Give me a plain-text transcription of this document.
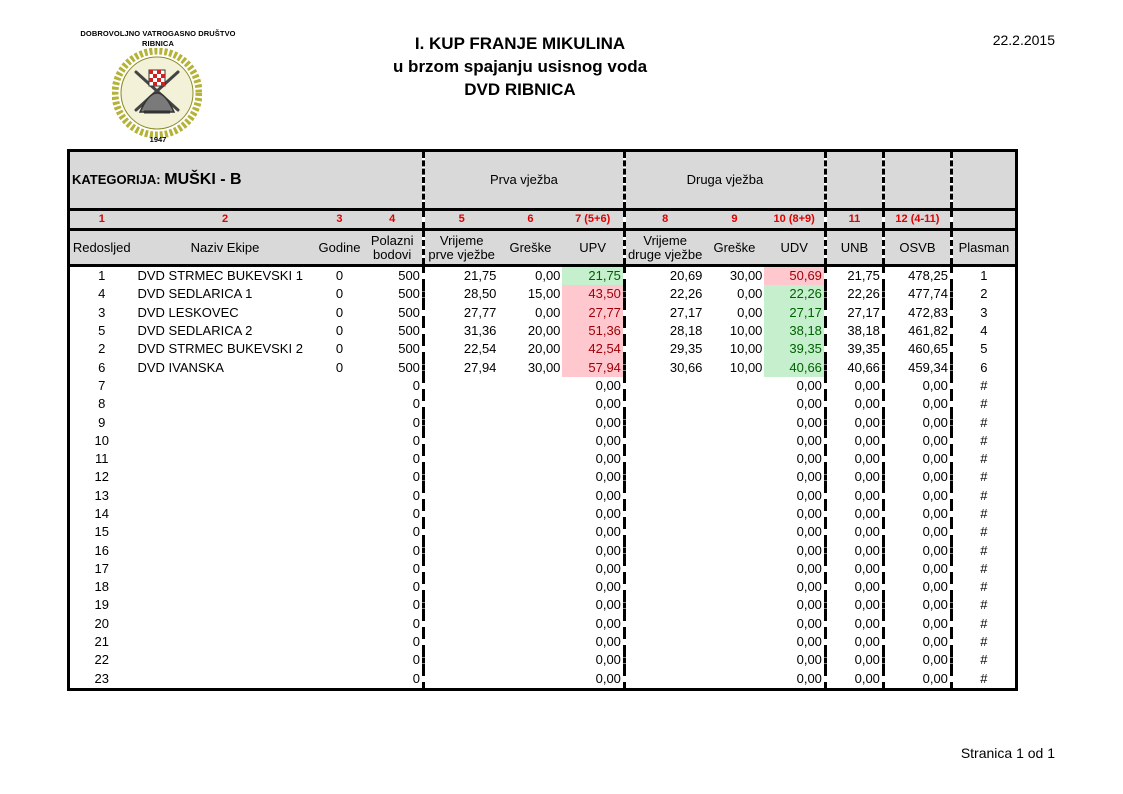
DOBROVOLJNO VATROGASNO DRUŠTVO
RIBNICA
1947
I. KUP FRANJE MIKULINA
u brzom spajanju usisnog voda
DVD RIBNICA
22.2.2015
KATEGORIJA: MUŠKI - B				Prva vježba			Druga vježba					
1	2	3	4	5	6	7 (5+6)	8	9	10 (8+9)	11	12 (4-11)	
Redosljed	Naziv Ekipe	Godine	Polazni bodovi	Vrijeme prve vježbe	Greške	UPV	Vrijeme druge vježbe	Greške	UDV	UNB	OSVB	Plasman
1	DVD STRMEC BUKEVSKI 1	0	500	21,75	0,00	21,75	20,69	30,00	50,69	21,75	478,25	1
4	DVD SEDLARICA 1	0	500	28,50	15,00	43,50	22,26	0,00	22,26	22,26	477,74	2
3	DVD LESKOVEC	0	500	27,77	0,00	27,77	27,17	0,00	27,17	27,17	472,83	3
5	DVD SEDLARICA 2	0	500	31,36	20,00	51,36	28,18	10,00	38,18	38,18	461,82	4
2	DVD STRMEC BUKEVSKI 2	0	500	22,54	20,00	42,54	29,35	10,00	39,35	39,35	460,65	5
6	DVD IVANSKA	0	500	27,94	30,00	57,94	30,66	10,00	40,66	40,66	459,34	6
7			0			0,00			0,00	0,00	0,00	#
8			0			0,00			0,00	0,00	0,00	#
9			0			0,00			0,00	0,00	0,00	#
10			0			0,00			0,00	0,00	0,00	#
11			0			0,00			0,00	0,00	0,00	#
12			0			0,00			0,00	0,00	0,00	#
13			0			0,00			0,00	0,00	0,00	#
14			0			0,00			0,00	0,00	0,00	#
15			0			0,00			0,00	0,00	0,00	#
16			0			0,00			0,00	0,00	0,00	#
17			0			0,00			0,00	0,00	0,00	#
18			0			0,00			0,00	0,00	0,00	#
19			0			0,00			0,00	0,00	0,00	#
20			0			0,00			0,00	0,00	0,00	#
21			0			0,00			0,00	0,00	0,00	#
22			0			0,00			0,00	0,00	0,00	#
23			0			0,00			0,00	0,00	0,00	#
Stranica 1 od 1
